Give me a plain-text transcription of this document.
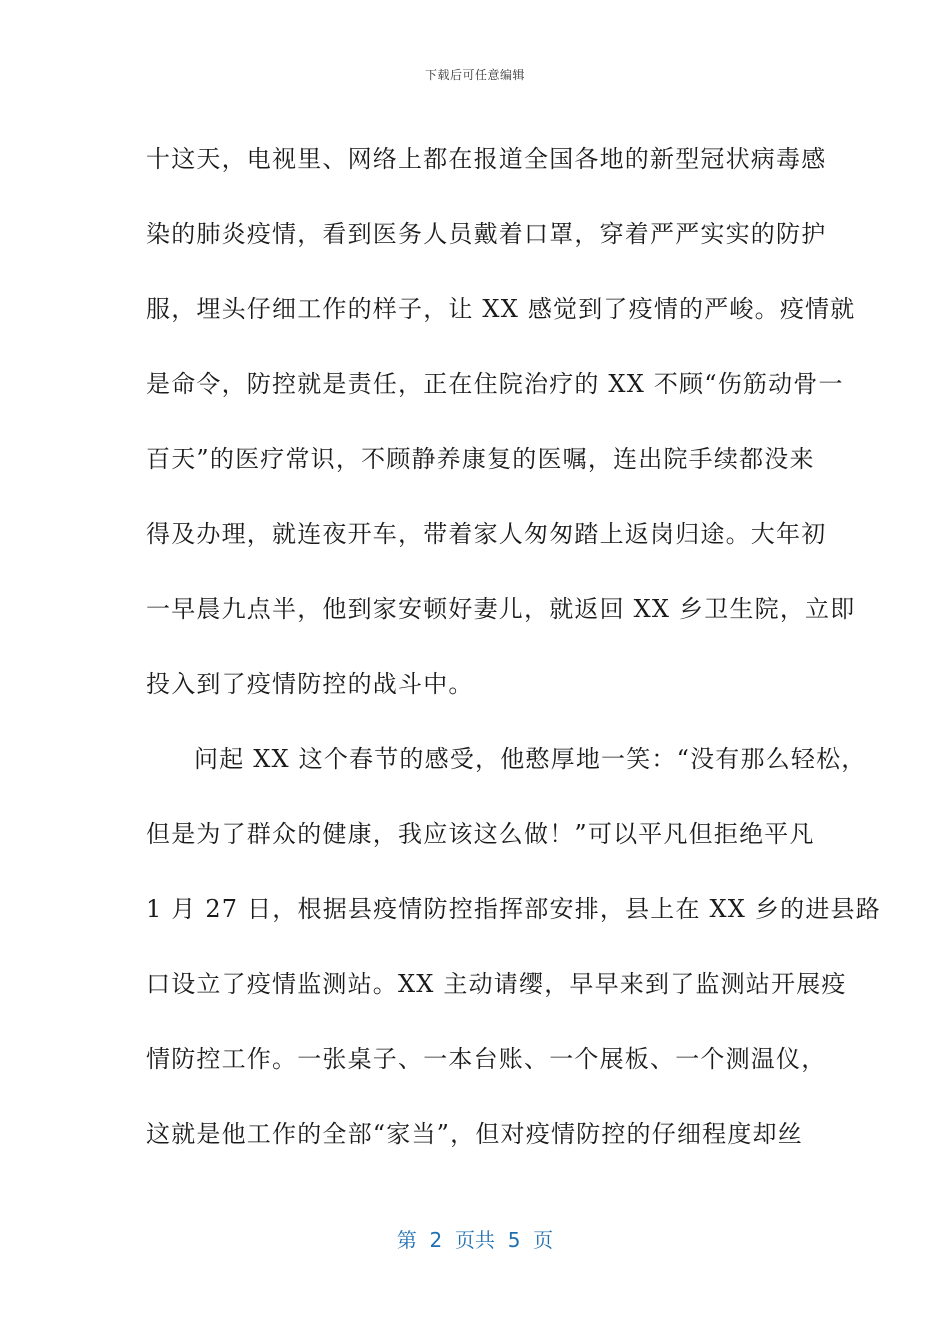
下载后可任意编辑
十这天，电视里、网络上都在报道全国各地的新型冠状病毒感
染的肺炎疫情，看到医务人员戴着口罩，穿着严严实实的防护
服，埋头仔细工作的样子，让 XX 感觉到了疫情的严峻。疫情就
是命令，防控就是责任，正在住院治疗的 XX 不顾“伤筋动骨一
百天”的医疗常识，不顾静养康复的医嘱，连出院手续都没来
得及办理，就连夜开车，带着家人匆匆踏上返岗归途。大年初
一早晨九点半，他到家安顿好妻儿，就返回 XX 乡卫生院，立即
投入到了疫情防控的战斗中。
问起 XX 这个春节的感受，他憨厚地一笑：“没有那么轻松，
但是为了群众的健康，我应该这么做！”可以平凡但拒绝平凡
1 月 27 日，根据县疫情防控指挥部安排，县上在 XX 乡的进县路
口设立了疫情监测站。XX 主动请缨，早早来到了监测站开展疫
情防控工作。一张桌子、一本台账、一个展板、一个测温仪，
这就是他工作的全部“家当”，但对疫情防控的仔细程度却丝
第  2  页共  5  页
